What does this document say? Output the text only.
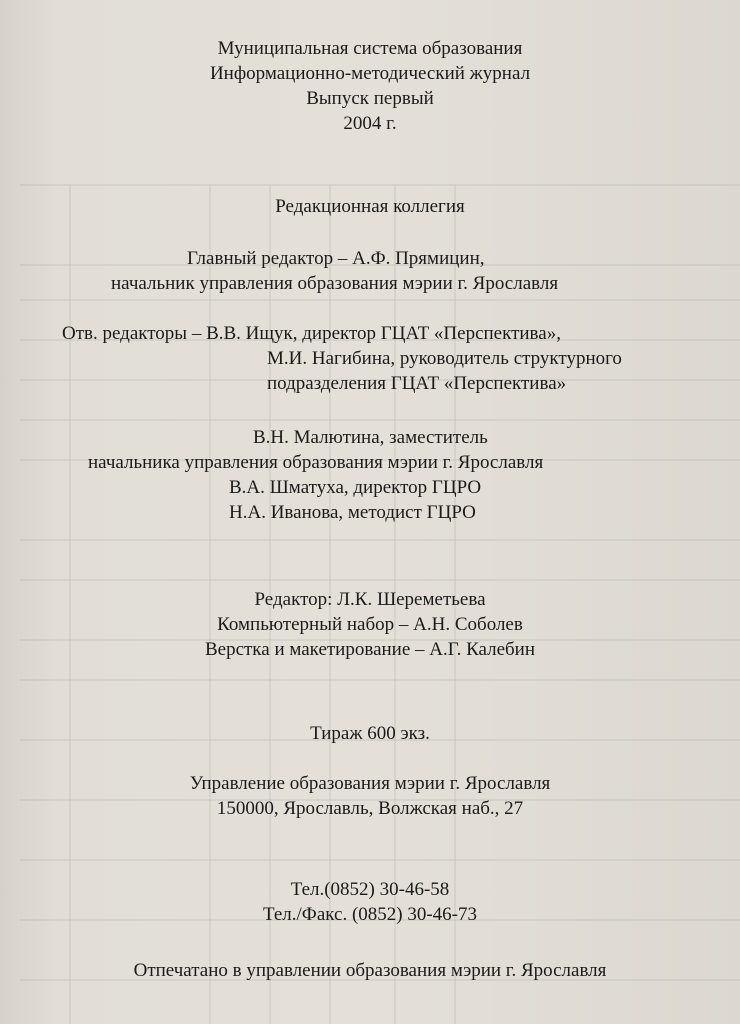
Муниципальная система образования
Информационно-методический журнал
Выпуск первый
2004 г.
Редакционная коллегия
Главный редактор – А.Ф. Прямицин,
начальник управления образования мэрии г. Ярославля
Отв. редакторы – В.В. Ищук, директор ГЦАТ «Перспектива»,
М.И. Нагибина, руководитель структурного
подразделения ГЦАТ «Перспектива»
В.Н. Малютина, заместитель
начальника управления образования мэрии г. Ярославля
В.А. Шматуха, директор ГЦРО
Н.А. Иванова, методист ГЦРО
Редактор: Л.К. Шереметьева
Компьютерный набор – А.Н. Соболев
Верстка и макетирование – А.Г. Калебин
Тираж 600 экз.
Управление образования мэрии г. Ярославля
150000, Ярославль, Волжская наб., 27
Тел.(0852) 30-46-58
Тел./Факс. (0852) 30-46-73
Отпечатано в управлении образования мэрии г. Ярославля
